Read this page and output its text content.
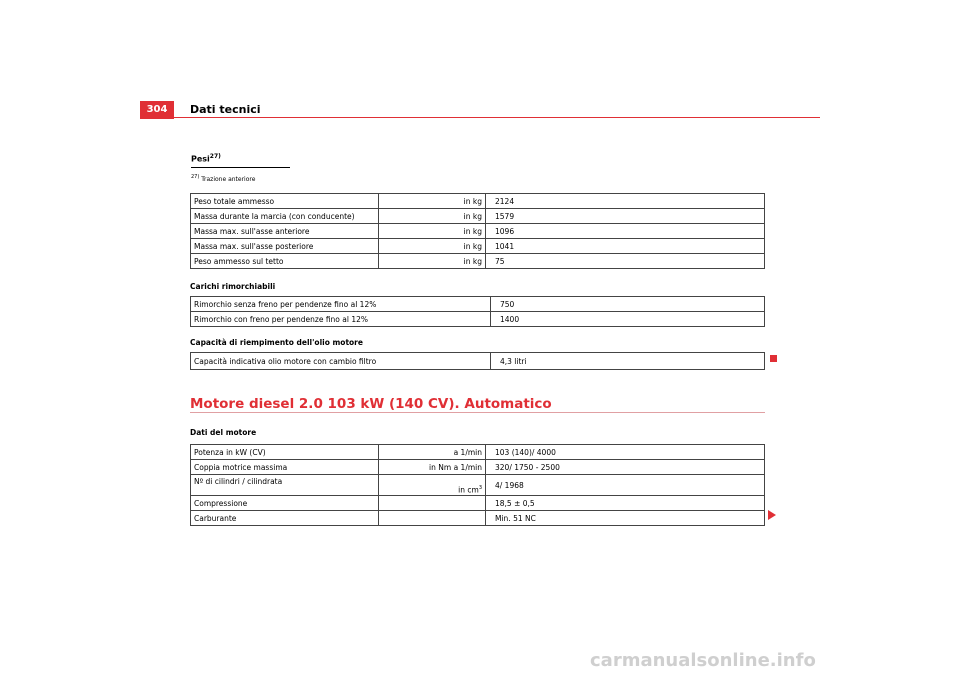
304	Dati tecnici
Pesi$^{27)}$
$^{27)}$ Trazione anteriore
Peso totale ammesso	in kg	2124
Massa durante la marcia (con conducente)	in kg	1579
Massa max. sull'asse anteriore	in kg	1096
Massa max. sull'asse posteriore	in kg	1041
Peso ammesso sul tetto	in kg	75
Carichi rimorchiabili
Rimorchio senza freno per pendenze fino al 12%	750
Rimorchio con freno per pendenze fino al 12%	1400
Capacità di riempimento dell'olio motore
Capacità indicativa olio motore con cambio filtro	4,3 litri
Motore diesel 2.0 103 kW (140 CV). Automatico
Dati del motore
Potenza in kW (CV)	a 1/min	103 (140)/ 4000
Coppia motrice massima	in Nm a 1/min	320/ 1750 - 2500
Nº di cilindri / cilindrata	in $cm^3$	4/ 1968
Compressione		18,5 ± 0,5
Carburante		Min. 51 NC
carmanualsonline.info
